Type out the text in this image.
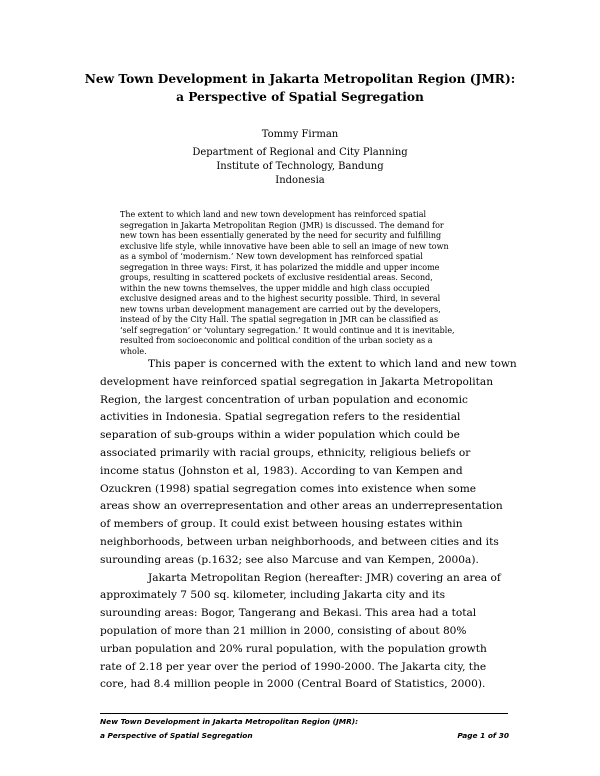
New Town Development in Jakarta Metropolitan Region (JMR):
a Perspective of Spatial Segregation
Tommy Firman
Department of Regional and City Planning
Institute of Technology, Bandung
Indonesia
The extent to which land and new town development has reinforced spatial
segregation in Jakarta Metropolitan Region (JMR) is discussed. The demand for
new town has been essentially generated by the need for security and fulfilling
exclusive life style, while innovative have been able to sell an image of new town
as a symbol of ‘modernism.’ New town development has reinforced spatial
segregation in three ways: First, it has polarized the middle and upper income
groups, resulting in scattered pockets of exclusive residential areas. Second,
within the new towns themselves, the upper middle and high class occupied
exclusive designed areas and to the highest security possible. Third, in several
new towns urban development management are carried out by the developers,
instead of by the City Hall. The spatial segregation in JMR can be classified as
‘self segregation’ or ‘voluntary segregation.’ It would continue and it is inevitable,
resulted from socioeconomic and political condition of the urban society as a
whole.
This paper is concerned with the extent to which land and new town
development have reinforced spatial segregation in Jakarta Metropolitan
Region, the largest concentration of urban population and economic
activities in Indonesia. Spatial segregation refers to the residential
separation of sub-groups within a wider population which could be
associated primarily with racial groups, ethnicity, religious beliefs or
income status (Johnston et al, 1983). According to van Kempen and
Ozuckren (1998) spatial segregation comes into existence when some
areas show an overrepresentation and other areas an underrepresentation
of members of group. It could exist between housing estates within
neighborhoods, between urban neighborhoods, and between cities and its
surounding areas (p.1632; see also Marcuse and van Kempen, 2000a).
Jakarta Metropolitan Region (hereafter: JMR) covering an area of
approximately 7 500 sq. kilometer, including Jakarta city and its
surounding areas: Bogor, Tangerang and Bekasi. This area had a total
population of more than 21 million in 2000, consisting of about 80%
urban population and 20% rural population, with the population growth
rate of 2.18 per year over the period of 1990-2000. The Jakarta city, the
core, had 8.4 million people in 2000 (Central Board of Statistics, 2000).
New Town Development in Jakarta Metropolitan Region (JMR):
a Perspective of Spatial Segregation	Page 1 of 30
